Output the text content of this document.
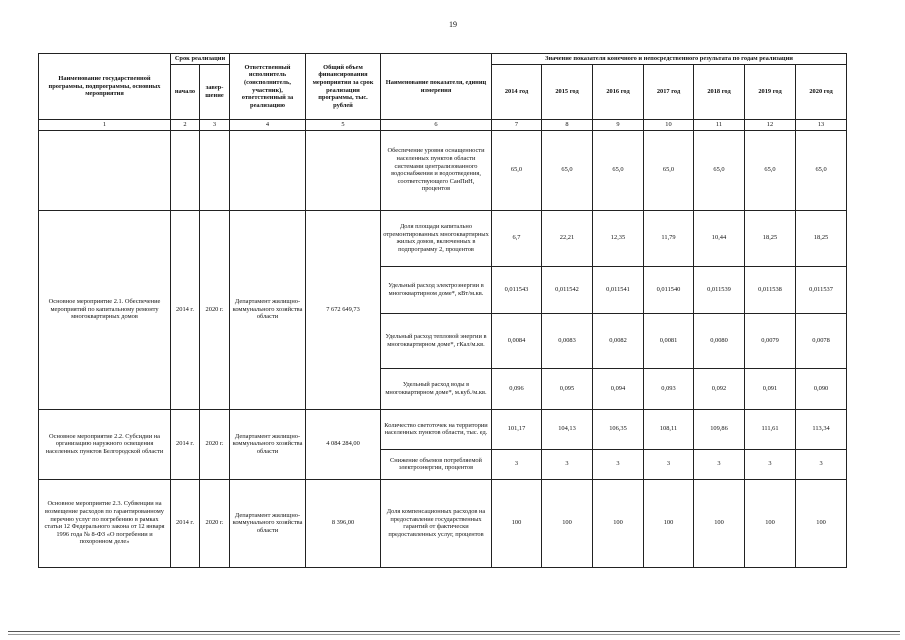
19
Наименование государственной программы, подпрограммы, основных мероприятия	Срок реализации		Ответственный исполнитель (соисполнитель, участник), ответственный за реализацию	Общий объем финансирования мероприятия за срок реализации программы, тыс. рублей	Наименование показателя, единиц измерения	Значение показателя конечного и непосредственного результата по годам реализации						
	начало	завер-шение				2014 год	2015 год	2016 год	2017 год	2018 год	2019 год	2020 год
1	2	3	4	5	6	7	8	9	10	11	12	13
					Обеспечение уровня оснащенности населенных пунктов области системами централизованного водоснабжения и водоотведения, соответствующего СанПиН, процентов	65,0	65,0	65,0	65,0	65,0	65,0	65,0
Основное мероприятие 2.1. Обеспечение мероприятий по капитальному ремонту многоквартирных домов	2014 г.	2020 г.	Департамент жилищно-коммунального хозяйства области	7 672 649,73	Доля площади капитально отремонтированных многоквартирных жилых домов, включенных в подпрограмму 2, процентов	6,7	22,21	12,35	11,79	10,44	18,25	18,25
					Удельный расход электроэнергии в многоквартирном доме*, кВт/м.кв.	0,011543	0,011542	0,011541	0,011540	0,011539	0,011538	0,011537
					Удельный расход тепловой энергии в многоквартирном доме*, гКал/м.кв.	0,0084	0,0083	0,0082	0,0081	0,0080	0,0079	0,0078
					Удельный расход воды в многоквартирном доме*, м.куб./м.кв.	0,096	0,095	0,094	0,093	0,092	0,091	0,090
Основное мероприятие 2.2. Субсидии на организацию наружного освещения населенных пунктов Белгородской области	2014 г.	2020 г.	Департамент жилищно-коммунального хозяйства области	4 084 284,00	Количество светоточек на территории населенных пунктов области, тыс. ед.	101,17	104,13	106,35	108,11	109,86	111,61	113,34
					Снижение объемов потребляемой электроэнергии, процентов	3	3	3	3	3	3	3
Основное мероприятие 2.3. Субвенции на возмещение расходов по гарантированному перечню услуг по погребению в рамках статьи 12 Федерального закона от 12 января 1996 года № 8-ФЗ «О погребении и похоронном деле»	2014 г.	2020 г.	Департамент жилищно-коммунального хозяйства области	8 396,00	Доля компенсационных расходов на предоставление государственных гарантий от фактически предоставленных услуг, процентов	100	100	100	100	100	100	100
